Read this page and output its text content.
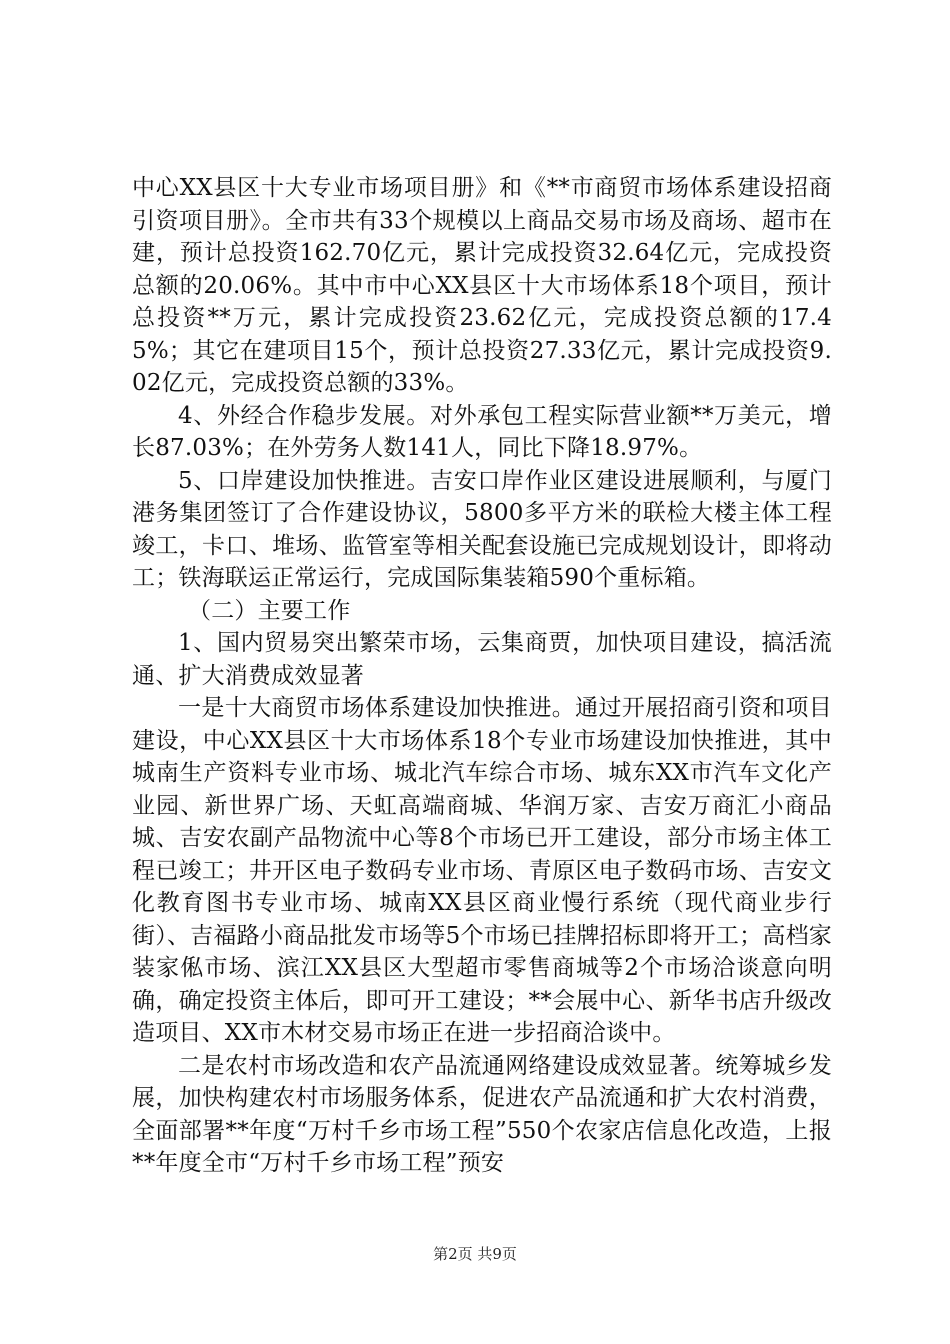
中心XX县区十大专业市场项目册》和《**市商贸市场体系建设招商引资项目册》。全市共有33个规模以上商品交易市场及商场、超市在建，预计总投资162.70亿元，累计完成投资32.64亿元，完成投资总额的20.06%。其中市中心XX县区十大市场体系18个项目，预计总投资**万元，累计完成投资23.62亿元，完成投资总额的17.45%；其它在建项目15个，预计总投资27.33亿元，累计完成投资9.02亿元，完成投资总额的33%。

4、外经合作稳步发展。对外承包工程实际营业额**万美元，增长87.03%；在外劳务人数141人，同比下降18.97%。

5、口岸建设加快推进。吉安口岸作业区建设进展顺利，与厦门港务集团签订了合作建设协议，5800多平方米的联检大楼主体工程竣工，卡口、堆场、监管室等相关配套设施已完成规划设计，即将动工；铁海联运正常运行，完成国际集装箱590个重标箱。

（二）主要工作

1、国内贸易突出繁荣市场，云集商贾，加快项目建设，搞活流通、扩大消费成效显著

一是十大商贸市场体系建设加快推进。通过开展招商引资和项目建设，中心XX县区十大市场体系18个专业市场建设加快推进，其中城南生产资料专业市场、城北汽车综合市场、城东XX市汽车文化产业园、新世界广场、天虹高端商城、华润万家、吉安万商汇小商品城、吉安农副产品物流中心等8个市场已开工建设，部分市场主体工程已竣工；井开区电子数码专业市场、青原区电子数码市场、吉安文化教育图书专业市场、城南XX县区商业慢行系统（现代商业步行街）、吉福路小商品批发市场等5个市场已挂牌招标即将开工；高档家装家俬市场、滨江XX县区大型超市零售商城等2个市场洽谈意向明确，确定投资主体后，即可开工建设；**会展中心、新华书店升级改造项目、XX市木材交易市场正在进一步招商洽谈中。

二是农村市场改造和农产品流通网络建设成效显著。统筹城乡发展，加快构建农村市场服务体系，促进农产品流通和扩大农村消费，全面部署**年度“万村千乡市场工程”550个农家店信息化改造，上报**年度全市“万村千乡市场工程”预安

第2页 共9页
